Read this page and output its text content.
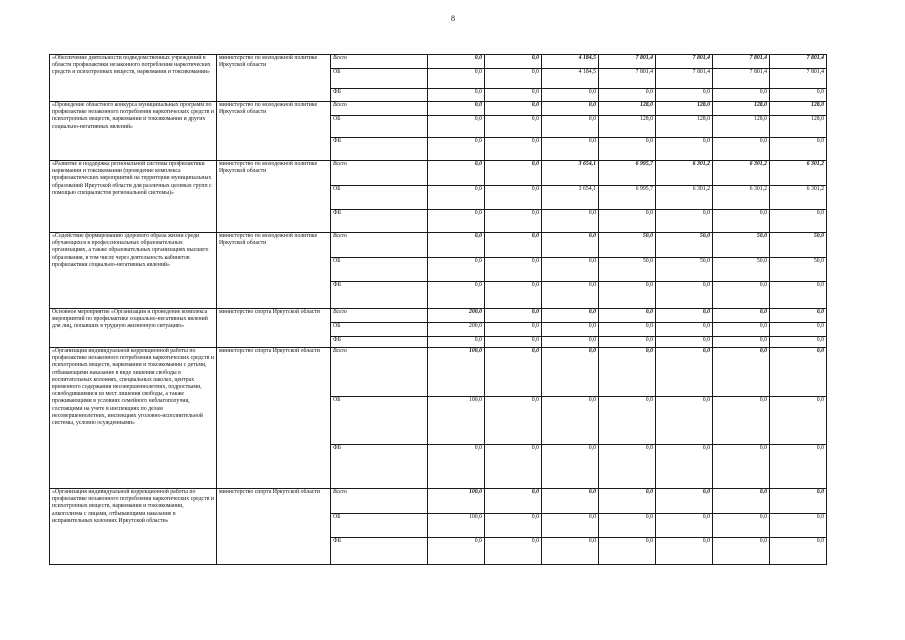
8
«Обеспечение деятельности подведомственных учреждений в области профилактики незаконного потребления наркотических средств и психотропных веществ, наркомании и токсикомании»	министерство по молодежной политике Иркутской области	Всего	0,0	0,0	4 184,5	7 801,4	7 801,4	7 801,4	7 801,4
		ОБ	0,0	0,0	4 184,5	7 801,4	7 801,4	7 801,4	7 801,4
		ФБ	0,0	0,0	0,0	0,0	0,0	0,0	0,0
«Проведение областного конкурса муниципальных программ по профилактике незаконного потребления наркотических средств и психотропных веществ, наркомании и токсикомании и других социально-негативных явлений»	министерство по молодежной политике Иркутской области	Всего	0,0	0,0	0,0	128,0	128,0	128,0	128,0
		ОБ	0,0	0,0	0,0	128,0	128,0	128,0	128,0
		ФБ	0,0	0,0	0,0	0,0	0,0	0,0	0,0
«Развитие и поддержка региональной системы профилактики наркомании и токсикомании (проведение комплекса профилактических мероприятий на территории муниципальных образований Иркутской области для различных целевых групп с помощью специалистов региональной системы)»	министерство по молодежной политике Иркутской области	Всего	0,0	0,0	3 654,1	6 995,7	6 301,2	6 301,2	6 301,2
		ОБ	0,0	0,0	3 654,1	6 995,7	6 301,2	6 301,2	6 301,2
		ФБ	0,0	0,0	0,0	0,0	0,0	0,0	0,0
«Содействие формированию здорового образа жизни среди обучающихся в профессиональных образовательных организациях, а также образовательных организациях высшего образования, в том числе через деятельность кабинетов профилактики социально-негативных явлений»	министерство по молодежной политике Иркутской области	Всего	0,0	0,0	0,0	50,0	50,0	50,0	50,0
		ОБ	0,0	0,0	0,0	50,0	50,0	50,0	50,0
		ФБ	0,0	0,0	0,0	0,0	0,0	0,0	0,0
Основное мероприятие «Организация и проведение комплекса мероприятий по профилактике социально-негативных явлений для лиц, попавших в трудную жизненную ситуацию»	министерство спорта Иркутской области	Всего	200,0	0,0	0,0	0,0	0,0	0,0	0,0
		ОБ	200,0	0,0	0,0	0,0	0,0	0,0	0,0
		ФБ	0,0	0,0	0,0	0,0	0,0	0,0	0,0
«Организация индивидуальной коррекционной работы по профилактике незаконного потребления наркотических средств и психотропных веществ, наркомании и токсикомании с детьми, отбывающими наказание в виде лишения свободы в воспитательных колониях, специальных школах, центрах временного содержания несовершеннолетних, подростками, освободившимися из мест лишения свободы, а также проживающими в условиях семейного неблагополучия, состоящими на учете в инспекциях по делам несовершеннолетних, инспекциях уголовно-исполнительной системы, условно осужденными»	министерство спорта Иркутской области	Всего	100,0	0,0	0,0	0,0	0,0	0,0	0,0
		ОБ	100,0	0,0	0,0	0,0	0,0	0,0	0,0
		ФБ	0,0	0,0	0,0	0,0	0,0	0,0	0,0
«Организация индивидуальной коррекционной работы по профилактике незаконного потребления наркотических средств и психотропных веществ, наркомании и токсикомании, алкоголизма с лицами, отбывающими наказание в исправительных колониях Иркутской области»	министерство спорта Иркутской области	Всего	100,0	0,0	0,0	0,0	0,0	0,0	0,0
		ОБ	100,0	0,0	0,0	0,0	0,0	0,0	0,0
		ФБ	0,0	0,0	0,0	0,0	0,0	0,0	0,0
